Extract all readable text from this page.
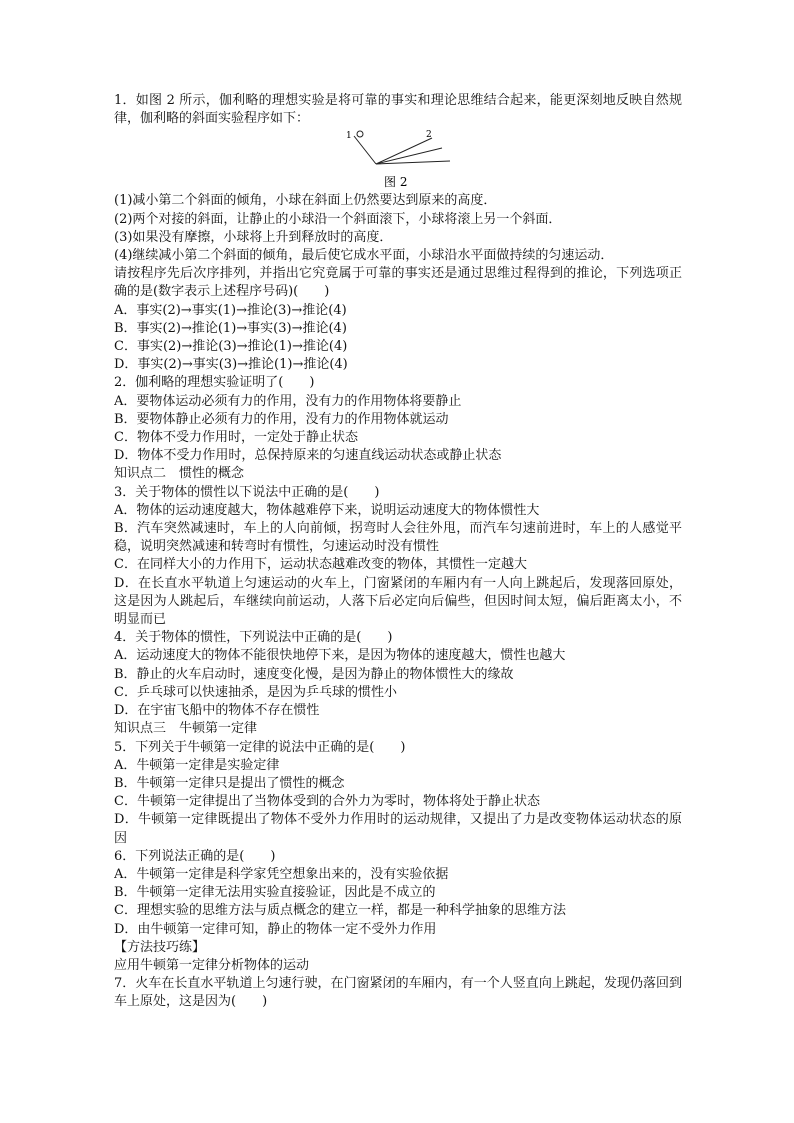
1．如图 2 所示，伽利略的理想实验是将可靠的事实和理论思维结合起来，能更深刻地反映自然规律，伽利略的斜面实验程序如下：
1	2
图 2
(1)减小第二个斜面的倾角，小球在斜面上仍然要达到原来的高度．
(2)两个对接的斜面，让静止的小球沿一个斜面滚下，小球将滚上另一个斜面．
(3)如果没有摩擦，小球将上升到释放时的高度．
(4)继续减小第二个斜面的倾角，最后使它成水平面，小球沿水平面做持续的匀速运动．
请按程序先后次序排列，并指出它究竟属于可靠的事实还是通过思维过程得到的推论，下列选项正确的是(数字表示上述程序号码)(　　)
A．事实(2)→事实(1)→推论(3)→推论(4)
B．事实(2)→推论(1)→事实(3)→推论(4)
C．事实(2)→推论(3)→推论(1)→推论(4)
D．事实(2)→事实(3)→推论(1)→推论(4)
2．伽利略的理想实验证明了(　　)
A．要物体运动必须有力的作用，没有力的作用物体将要静止
B．要物体静止必须有力的作用，没有力的作用物体就运动
C．物体不受力作用时，一定处于静止状态
D．物体不受力作用时，总保持原来的匀速直线运动状态或静止状态
知识点二　惯性的概念
3．关于物体的惯性以下说法中正确的是(　　)
A．物体的运动速度越大，物体越难停下来，说明运动速度大的物体惯性大
B．汽车突然减速时，车上的人向前倾，拐弯时人会往外甩，而汽车匀速前进时，车上的人感觉平稳，说明突然减速和转弯时有惯性，匀速运动时没有惯性
C．在同样大小的力作用下，运动状态越难改变的物体，其惯性一定越大
D．在长直水平轨道上匀速运动的火车上，门窗紧闭的车厢内有一人向上跳起后，发现落回原处，这是因为人跳起后，车继续向前运动，人落下后必定向后偏些，但因时间太短，偏后距离太小，不明显而已
4．关于物体的惯性，下列说法中正确的是(　　)
A．运动速度大的物体不能很快地停下来，是因为物体的速度越大，惯性也越大
B．静止的火车启动时，速度变化慢，是因为静止的物体惯性大的缘故
C．乒乓球可以快速抽杀，是因为乒乓球的惯性小
D．在宇宙飞船中的物体不存在惯性
知识点三　牛顿第一定律
5．下列关于牛顿第一定律的说法中正确的是(　　)
A．牛顿第一定律是实验定律
B．牛顿第一定律只是提出了惯性的概念
C．牛顿第一定律提出了当物体受到的合外力为零时，物体将处于静止状态
D．牛顿第一定律既提出了物体不受外力作用时的运动规律，又提出了力是改变物体运动状态的原因
6．下列说法正确的是(　　)
A．牛顿第一定律是科学家凭空想象出来的，没有实验依据
B．牛顿第一定律无法用实验直接验证，因此是不成立的
C．理想实验的思维方法与质点概念的建立一样，都是一种科学抽象的思维方法
D．由牛顿第一定律可知，静止的物体一定不受外力作用
【方法技巧练】
应用牛顿第一定律分析物体的运动
7．火车在长直水平轨道上匀速行驶，在门窗紧闭的车厢内，有一个人竖直向上跳起，发现仍落回到车上原处，这是因为(　　)
